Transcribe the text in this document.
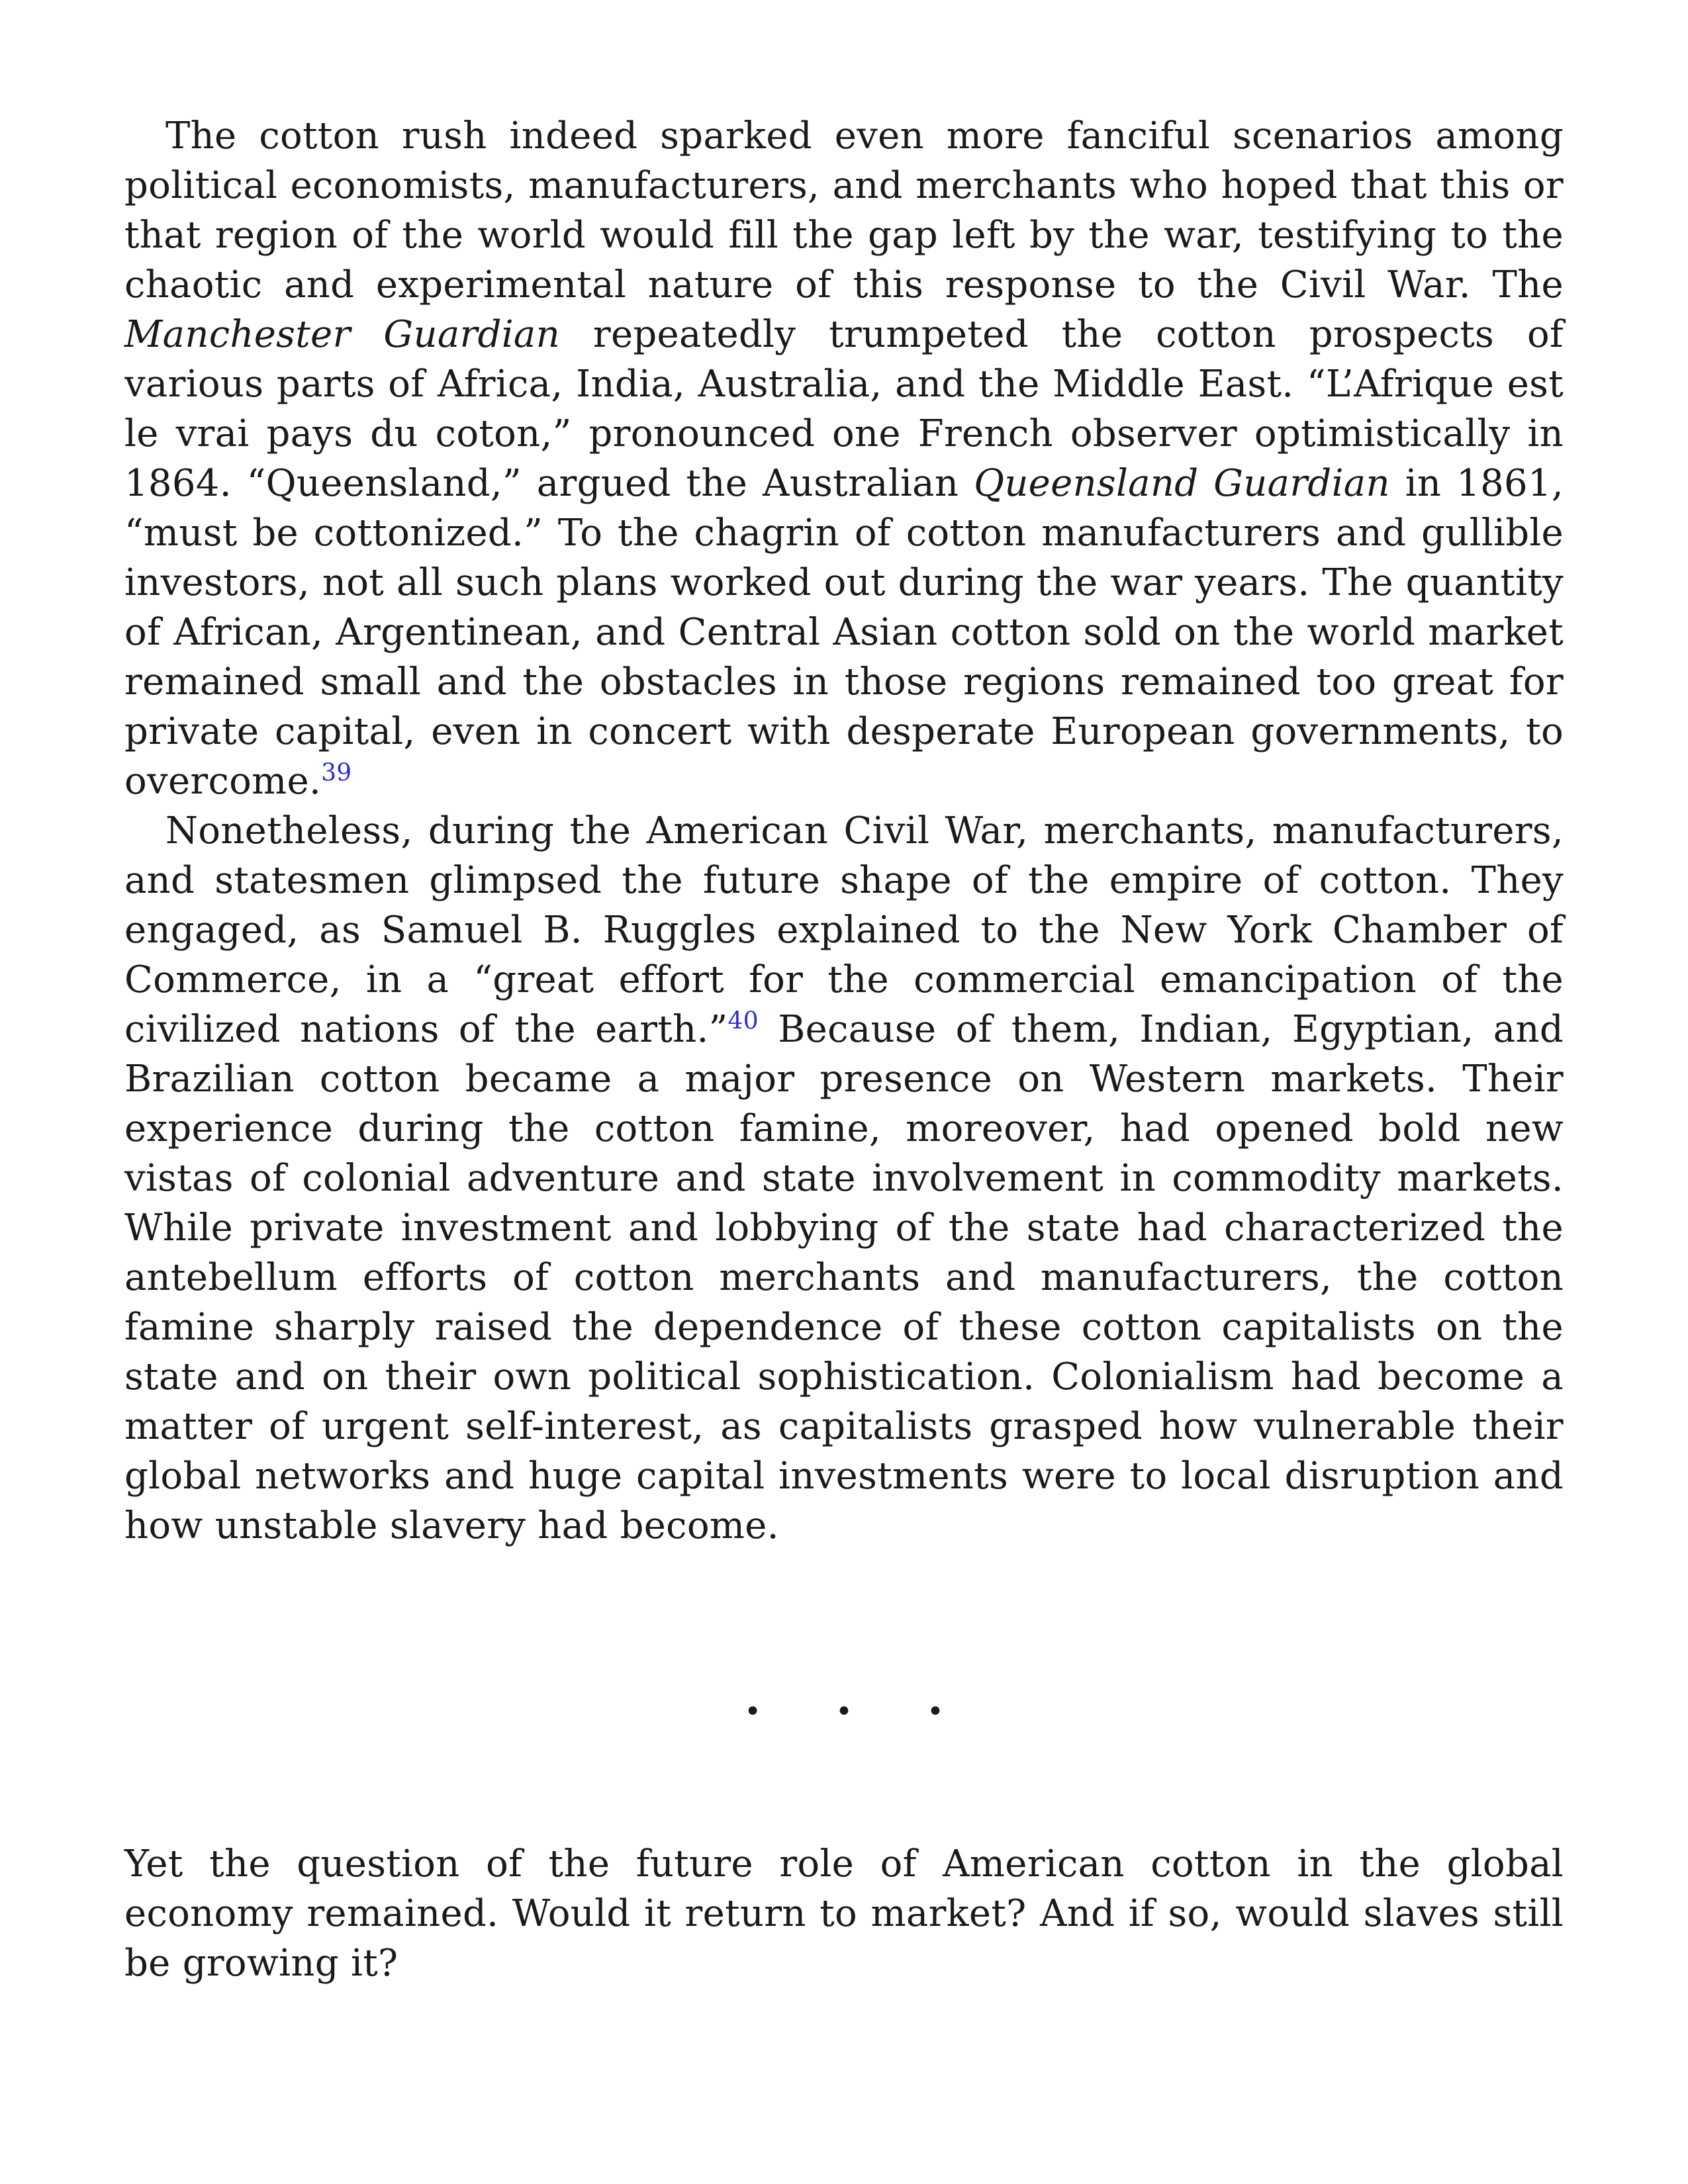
The cotton rush indeed sparked even more fanciful scenarios among political economists, manufacturers, and merchants who hoped that this or that region of the world would fill the gap left by the war, testifying to the chaotic and experimental nature of this response to the Civil War. The Manchester Guardian repeatedly trumpeted the cotton prospects of various parts of Africa, India, Australia, and the Middle East. “L’Afrique est le vrai pays du coton,” pronounced one French observer optimistically in 1864. “Queensland,” argued the Australian Queensland Guardian in 1861, “must be cottonized.” To the chagrin of cotton manufacturers and gullible investors, not all such plans worked out during the war years. The quantity of African, Argentinean, and Central Asian cotton sold on the world market remained small and the obstacles in those regions remained too great for private capital, even in concert with desperate European governments, to overcome.$^{39}$

Nonetheless, during the American Civil War, merchants, manufacturers, and statesmen glimpsed the future shape of the empire of cotton. They engaged, as Samuel B. Ruggles explained to the New York Chamber of Commerce, in a “great effort for the commercial emancipation of the civilized nations of the earth.”$^{40}$ Because of them, Indian, Egyptian, and Brazilian cotton became a major presence on Western markets. Their experience during the cotton famine, moreover, had opened bold new vistas of colonial adventure and state involvement in commodity markets. While private investment and lobbying of the state had characterized the antebellum efforts of cotton merchants and manufacturers, the cotton famine sharply raised the dependence of these cotton capitalists on the state and on their own political sophistication. Colonialism had become a matter of urgent self-interest, as capitalists grasped how vulnerable their global networks and huge capital investments were to local disruption and how unstable slavery had become.

•	•	•

Yet the question of the future role of American cotton in the global economy remained. Would it return to market? And if so, would slaves still be growing it?
